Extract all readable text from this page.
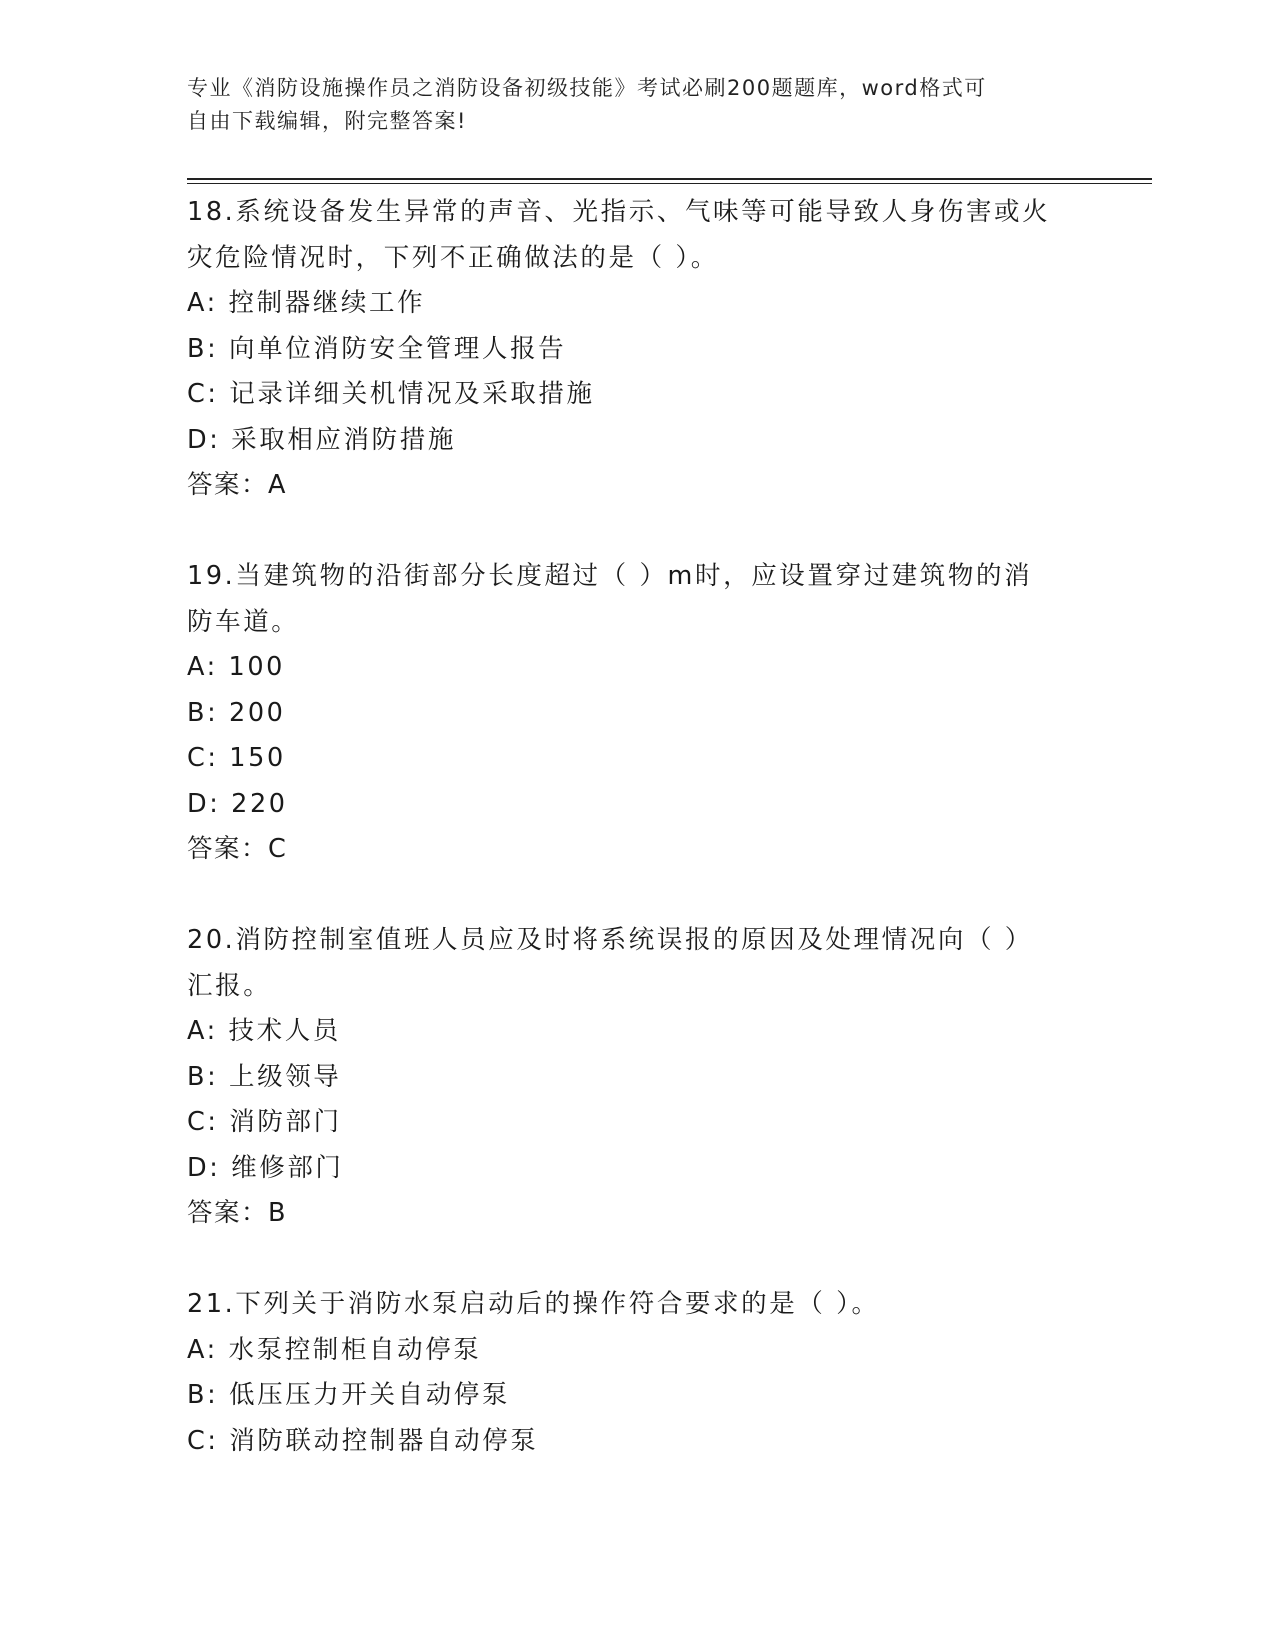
专业《消防设施操作员之消防设备初级技能》考试必刷200题题库，word格式可
自由下载编辑，附完整答案!

18.系统设备发生异常的声音、光指示、气味等可能导致人身伤害或火

灾危险情况时，下列不正确做法的是（ ）。

A: 控制器继续工作

B: 向单位消防安全管理人报告

C: 记录详细关机情况及采取措施

D: 采取相应消防措施

答案：A

19.当建筑物的沿街部分长度超过（ ）m时，应设置穿过建筑物的消

防车道。

A: 100

B: 200

C: 150

D: 220

答案：C

20.消防控制室值班人员应及时将系统误报的原因及处理情况向（ ）

汇报。

A: 技术人员

B: 上级领导

C: 消防部门

D: 维修部门

答案：B

21.下列关于消防水泵启动后的操作符合要求的是（ ）。

A: 水泵控制柜自动停泵

B: 低压压力开关自动停泵

C: 消防联动控制器自动停泵
